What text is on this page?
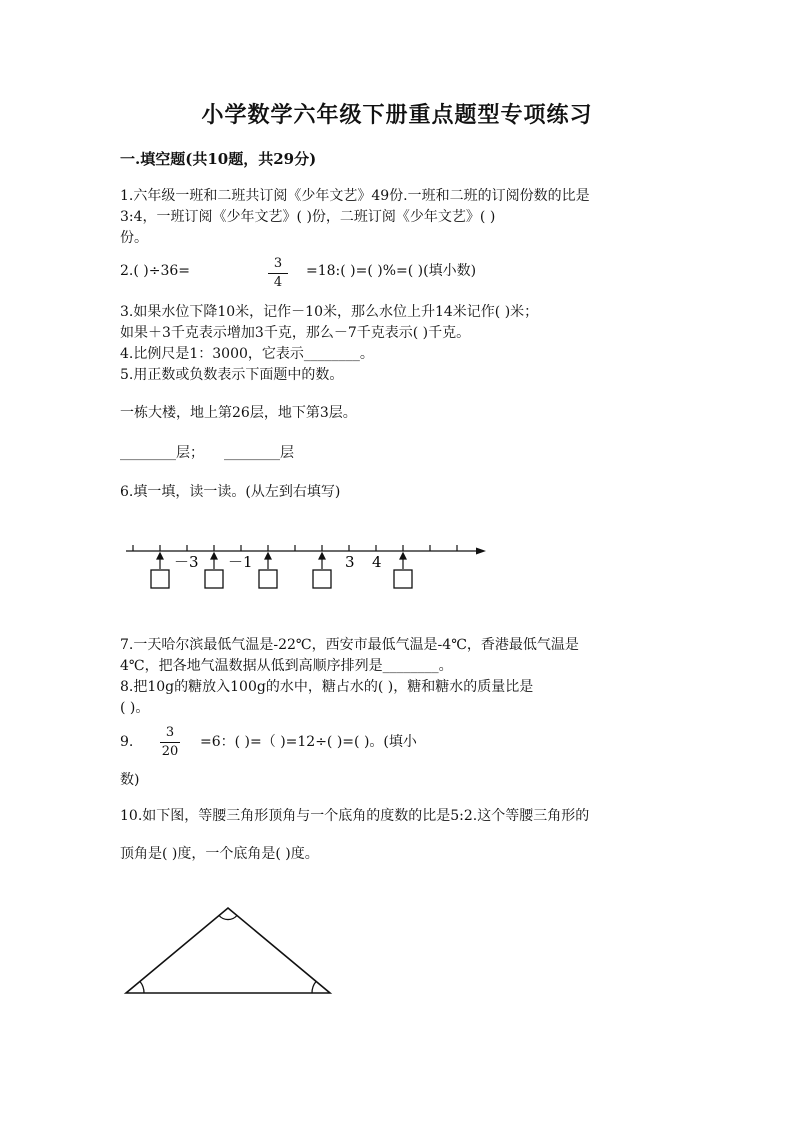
小学数学六年级下册重点题型专项练习
一.填空题(共10题，共29分)
1.六年级一班和二班共订阅《少年文艺》49份.一班和二班的订阅份数的比是
3:4，一班订阅《少年文艺》( )份，二班订阅《少年文艺》( )
份。
2.( )÷36=	3
4
=18:( )=( )%=( )(填小数)
3.如果水位下降10米，记作－10米，那么水位上升14米记作( )米；
如果＋3千克表示增加3千克，那么－7千克表示( )千克。
4.比例尺是1：3000，它表示________。
5.用正数或负数表示下面题中的数。
一栋大楼，地上第26层，地下第3层。
________层； ________层
6.填一填，读一读。(从左到右填写)
－3 －1	3 4
7.一天哈尔滨最低气温是-22℃，西安市最低气温是-4℃，香港最低气温是
4℃，把各地气温数据从低到高顺序排列是________。
8.把10g的糖放入100g的水中，糖占水的( )，糖和糖水的质量比是
( )。
9.
3
20
=6：( )=（ )=12÷( )=( )。(填小
数)
10.如下图，等腰三角形顶角与一个底角的度数的比是5:2.这个等腰三角形的
顶角是( )度，一个底角是( )度。
